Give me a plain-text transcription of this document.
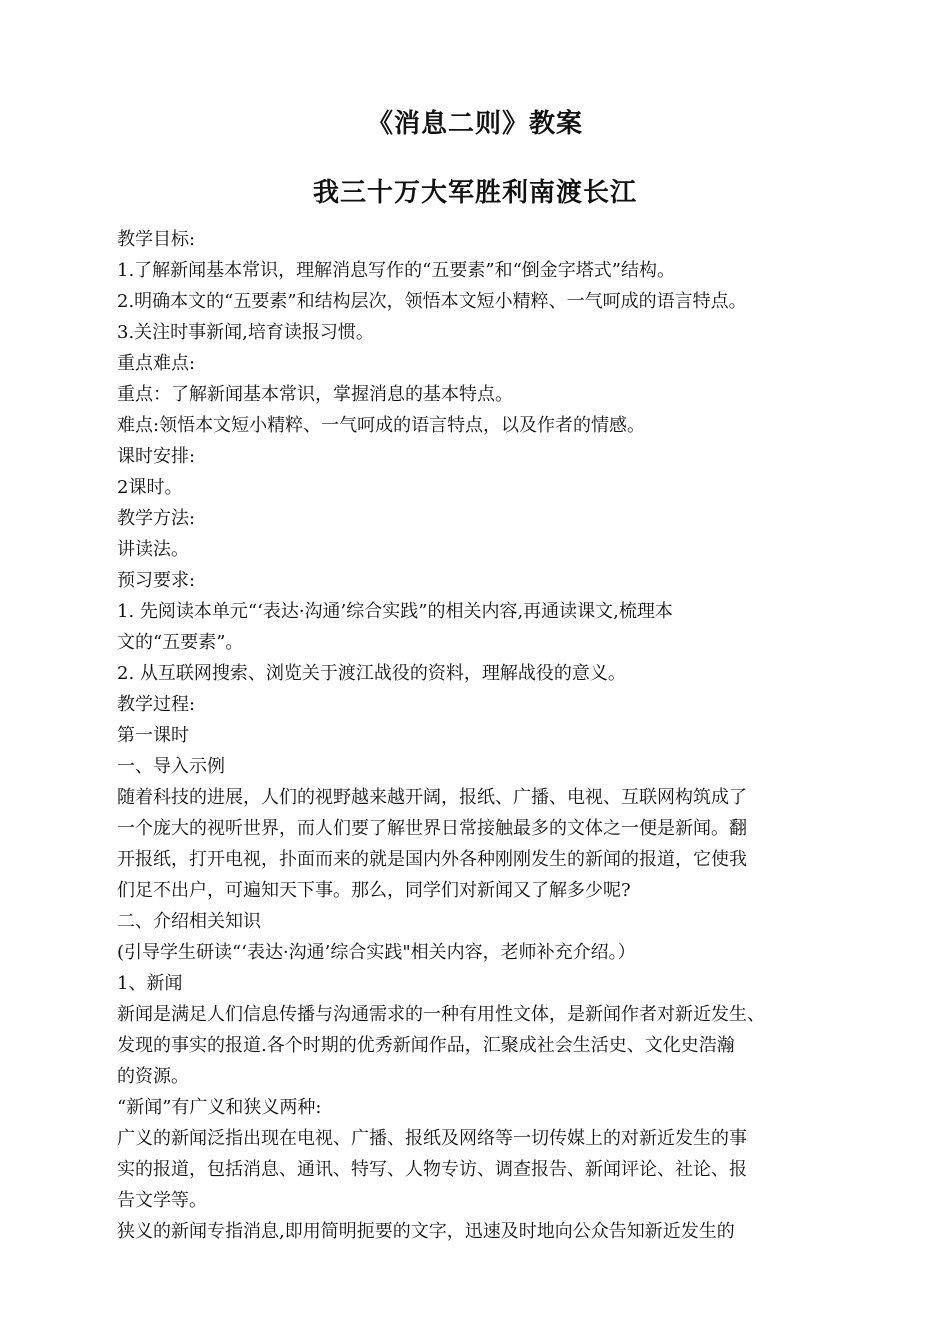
《消息二则》教案
我三十万大军胜利南渡长江
教学目标:
1.了解新闻基本常识，理解消息写作的“五要素”和“倒金字塔式”结构。
2.明确本文的“五要素”和结构层次，领悟本文短小精粹、一气呵成的语言特点。
3.关注时事新闻,培育读报习惯。
重点难点:
重点：了解新闻基本常识，掌握消息的基本特点。
难点:领悟本文短小精粹、一气呵成的语言特点，以及作者的情感。
课时安排:
2课时。
教学方法:
讲读法。
预习要求:
1. 先阅读本单元“‘表达·沟通’综合实践”的相关内容,再通读课文,梳理本
文的“五要素”。
2. 从互联网搜索、浏览关于渡江战役的资料，理解战役的意义。
教学过程:
第一课时
一、导入示例
随着科技的进展，人们的视野越来越开阔，报纸、广播、电视、互联网构筑成了
一个庞大的视听世界，而人们要了解世界日常接触最多的文体之一便是新闻。翻
开报纸，打开电视，扑面而来的就是国内外各种刚刚发生的新闻的报道，它使我
们足不出户，可遍知天下事。那么，同学们对新闻又了解多少呢?
二、介绍相关知识
(引导学生研读“‘表达·沟通’综合实践"相关内容，老师补充介绍。）
1、新闻
新闻是满足人们信息传播与沟通需求的一种有用性文体，是新闻作者对新近发生、
发现的事实的报道.各个时期的优秀新闻作品，汇聚成社会生活史、文化史浩瀚
的资源。
“新闻”有广义和狭义两种:
广义的新闻泛指出现在电视、广播、报纸及网络等一切传媒上的对新近发生的事
实的报道，包括消息、通讯、特写、人物专访、调查报告、新闻评论、社论、报
告文学等。
狭义的新闻专指消息,即用简明扼要的文字，迅速及时地向公众告知新近发生的
